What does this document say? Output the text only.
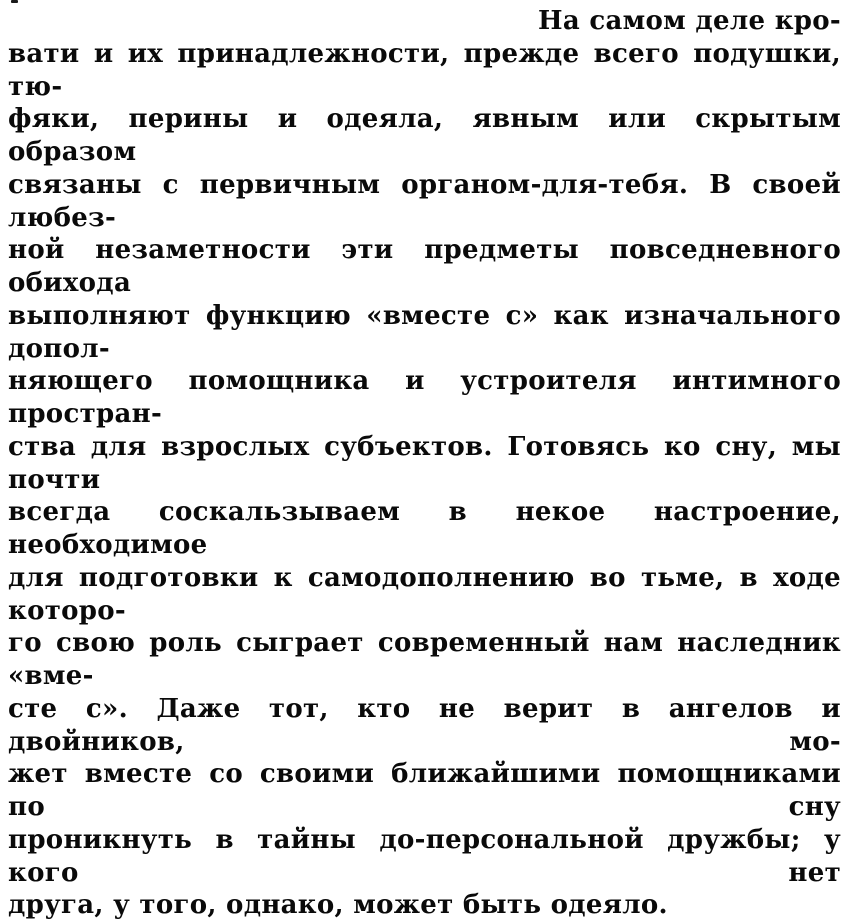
На самом деле кро-
вати и их принадлежности, прежде всего подушки, тю-
фяки, перины и одеяла, явным или скрытым образом
связаны с первичным органом-для-тебя. В своей любез-
ной незаметности эти предметы повседневного обихода
выполняют функцию «вместе с» как изначального допол-
няющего помощника и устроителя интимного простран-
ства для взрослых субъектов. Готовясь ко сну, мы почти
всегда соскальзываем в некое настроение, необходимое
для подготовки к самодополнению во тьме, в ходе которо-
го свою роль сыграет современный нам наследник «вме-
сте с». Даже тот, кто не верит в ангелов и двойников, мо-
жет вместе со своими ближайшими помощниками по сну
проникнуть в тайны до-персональной дружбы; у кого нет
друга, у того, однако, может быть одеяло.
